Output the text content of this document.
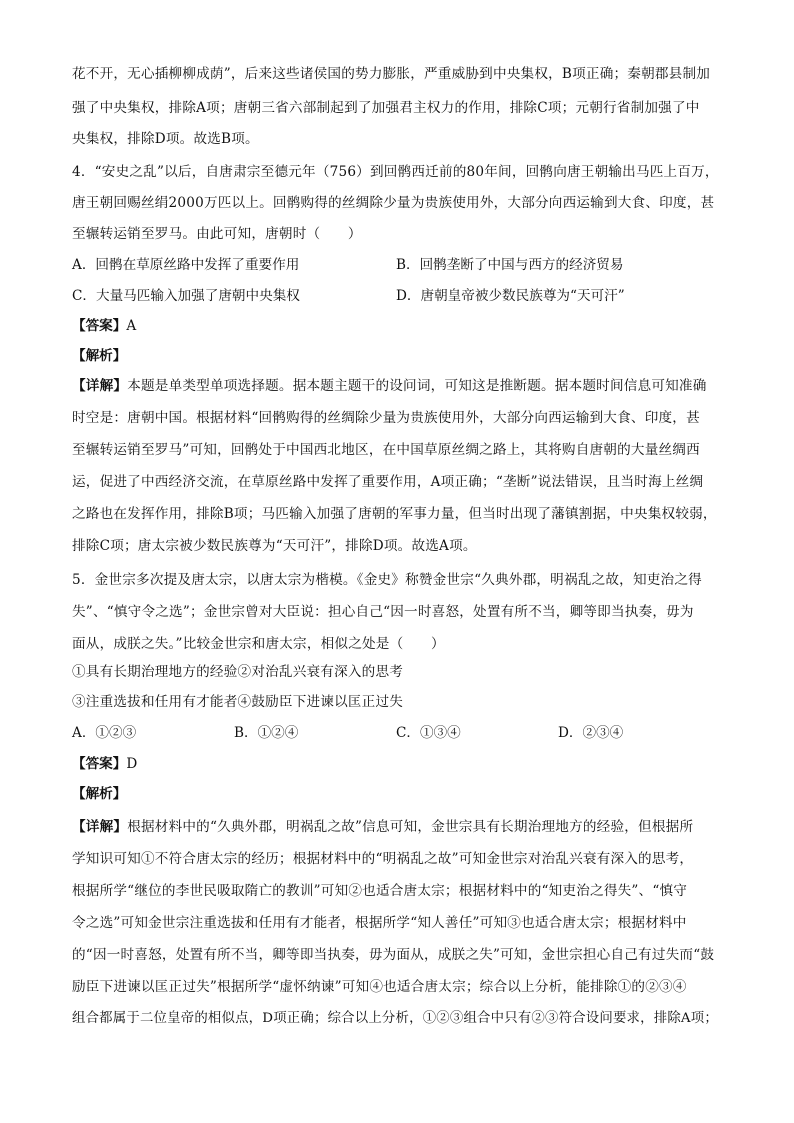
花不开，无心插柳柳成荫”，后来这些诸侯国的势力膨胀，严重威胁到中央集权，B项正确；秦朝郡县制加
强了中央集权，排除A项；唐朝三省六部制起到了加强君主权力的作用，排除C项；元朝行省制加强了中
央集权，排除D项。故选B项。
4．“安史之乱”以后，自唐肃宗至德元年（756）到回鹘西迁前的80年间，回鹘向唐王朝输出马匹上百万，
唐王朝回赐丝绢2000万匹以上。回鹘购得的丝绸除少量为贵族使用外，大部分向西运输到大食、印度，甚
至辗转运销至罗马。由此可知，唐朝时（　　）
A．回鹘在草原丝路中发挥了重要作用	B．回鹘垄断了中国与西方的经济贸易
C．大量马匹输入加强了唐朝中央集权	D．唐朝皇帝被少数民族尊为“天可汗”
【答案】A
【解析】
【详解】本题是单类型单项选择题。据本题主题干的设问词，可知这是推断题。据本题时间信息可知准确
时空是：唐朝中国。根据材料“回鹘购得的丝绸除少量为贵族使用外，大部分向西运输到大食、印度，甚
至辗转运销至罗马”可知，回鹘处于中国西北地区，在中国草原丝绸之路上，其将购自唐朝的大量丝绸西
运，促进了中西经济交流，在草原丝路中发挥了重要作用，A项正确；“垄断”说法错误，且当时海上丝绸
之路也在发挥作用，排除B项；马匹输入加强了唐朝的军事力量，但当时出现了藩镇割据，中央集权较弱，
排除C项；唐太宗被少数民族尊为“天可汗”，排除D项。故选A项。
5．金世宗多次提及唐太宗，以唐太宗为楷模。《金史》称赞金世宗“久典外郡，明祸乱之故，知吏治之得
失”、“慎守令之选”；金世宗曾对大臣说：担心自己“因一时喜怒，处置有所不当，卿等即当执奏，毋为
面从，成朕之失。”比较金世宗和唐太宗，相似之处是（　　）
①具有长期治理地方的经验②对治乱兴衰有深入的思考
③注重选拔和任用有才能者④鼓励臣下进谏以匡正过失
A．①②③	B．①②④	C．①③④	D．②③④
【答案】D
【解析】
【详解】根据材料中的“久典外郡，明祸乱之故”信息可知，金世宗具有长期治理地方的经验，但根据所
学知识可知①不符合唐太宗的经历；根据材料中的“明祸乱之故”可知金世宗对治乱兴衰有深入的思考，
根据所学“继位的李世民吸取隋亡的教训”可知②也适合唐太宗；根据材料中的“知吏治之得失”、“慎守
令之选”可知金世宗注重选拔和任用有才能者，根据所学“知人善任”可知③也适合唐太宗；根据材料中
的“因一时喜怒，处置有所不当，卿等即当执奏，毋为面从，成朕之失”可知，金世宗担心自己有过失而“鼓
励臣下进谏以匡正过失”根据所学“虚怀纳谏”可知④也适合唐太宗；综合以上分析，能排除①的②③④
组合都属于二位皇帝的相似点，D项正确；综合以上分析，①②③组合中只有②③符合设问要求，排除A项；
